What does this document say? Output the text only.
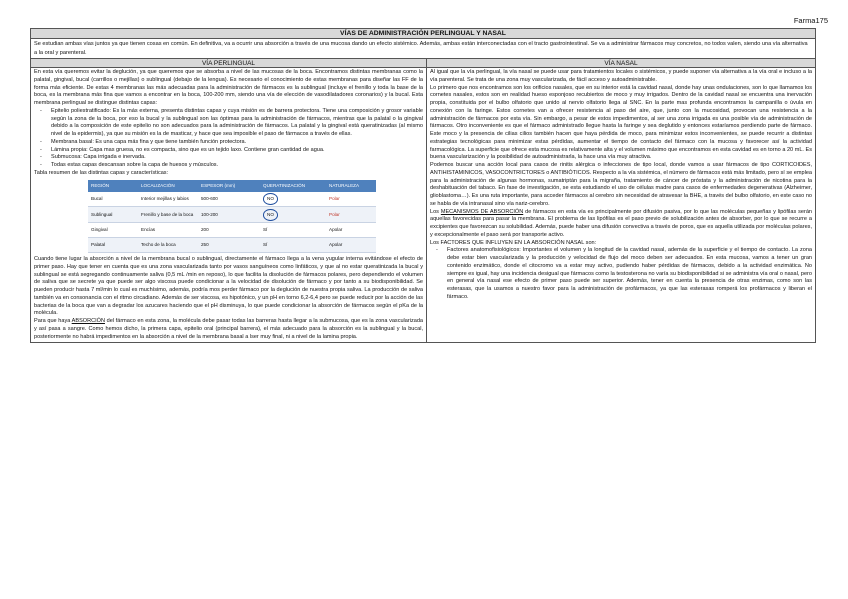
Farma175
VÍAS DE ADMINISTRACIÓN PERLINGUAL Y NASAL
Se estudian ambas vías juntos ya que tienen cosas en común. En definitiva, va a ocurrir una absorción a través de una mucosa dando un efecto sistémico. Además, ambas están interconectadas con el tracto gastrointestinal. Se va a administrar fármacos muy concretos, no todos valen, siendo una vía alternativa a la oral y parenteral.
VÍA PERLINGUAL

En esta vía queremos evitar la deglución, ya que queremos que se absorba a nivel de las mucosas de la boca. Encontramos distintas membranas como la palatal, gingival, bucal (carrillos o mejillas) o sublingual (debajo de la lengua). Es necesario el conocimiento de estas membranas para diseñar las FF de la forma más eficiente. De estas 4 membranas las más adecuadas para la administración de fármacos es la sublingual (incluye el frenillo y toda la base de la boca, es la membrana más fina que vamos a encontrar en la boca, 100-200 mm, siendo una vía de elección de vasodilatadores coronarios) y la bucal. Esta membrana perlingual se distingue distintas capas:

- Epitelio poliestratificado: Es la más externa, presenta distintas capas y cuya misión es de barrera protectora. Tiene una composición y grosor variable según la zona de la boca, por eso la bucal y la sublingual son las óptimas para la administración de fármacos, mientras que la palatal o la gingival debido a la composición de este epitelio no son adecuados para la administración de fármacos. La palatal y la gingival está queratinizadas (al mismo nivel de la epidermis), ya que su misión es la de masticar, y hace que sea imposible el paso de fármacos a través de ellas.
- Membrana basal: Es una capa más fina y que tiene también función protectora.
- Lámina propia: Capa mas gruesa, no es compacta, sino que es un tejido laxo. Contiene gran cantidad de agua.
- Submucosa: Capa irrigada e inervada.
- Todas estas capas descansan sobre la capa de huesos y músculos.

Tabla resumen de las distintas capas y características:

REGIÓN	LOCALIZACIÓN	ESPESOR (mm)	QUERATINIZACIÓN	NATURALEZA
Bucal	Interior mejillas y labios	500-600	NO	Polar
Sublingual	Frenillo y base de la boca	100-200	NO	Polar
Gingival	Encías	200	SÍ	Apolar
Palatal	Techo de la boca	250	SÍ	Apolar

Cuando tiene lugar la absorción a nivel de la membrana bucal o sublingual, directamente el fármaco llega a la vena yugular interna evitándose el efecto de primer paso. Hay que tener en cuenta que es una zona vascularizada tanto por vasos sanguíneos como linfáticos, y que al no estar queratinizada la bucal y sublingual se está segregando continuamente saliva (0,5 mL /min en reposo), lo que facilita la disolución de fármacos polares, pero dependiendo el volumen de saliva que se secrete ya que puede ser algo viscosa puede condicionar a la velocidad de disolución de fármaco y por tanto a su biodisponibilidad. Se pueden producir hasta 7 ml/min lo cual es muchísimo, además, podría mos perder fármaco por la deglución de nuestra propia saliva. La producción de saliva también va en consonancia con el ritmo circadiano. Además de ser viscosa, es hipotónico, y un pH en torno 6,2-6,4 pero se puede reducir por la acción de las bacterias de la boca que van a degradar los azucares haciendo que el pH disminuya, lo que puede condicionar la absorción de fármacos según el pKa de la molécula.

Para que haya ABSORCIÓN del fármaco en esta zona, la molécula debe pasar todas las barreras hasta llegar a la submucosa, que es la zona vascularizada y así pasa a sangre. Como hemos dicho, la primera capa, epitelio oral (principal barrera), el más adecuado para la absorción es la sublingual y la bucal, posteriormente no habrá impedimentos en la absorción a nivel de la membrana basal a lser muy final, ni a nivel de la lamina propia.

VÍA NASAL

Al igual que la vía perlingual, la vía nasal se puede usar para tratamientos locales o sistémicos, y puede suponer vía alternativa a la vía oral e incluso a la vía parenteral. Se trata de una zona muy vascularizada, de fácil acceso y autoadministrable.

Lo primero que nos encontramos son los orificios nasales, que en su interior está la cavidad nasal, donde hay unas ondulaciones, son lo que llamamos los cornetes nasales, estos son en realidad hueso esponjoso recubiertos de moco y muy irrigados. Dentro de la cavidad nasal se encuentra una inervación propia, constituida por el bulbo olfatorio que unido al nervio olfatorio llega al SNC. En la parte mas profunda encontramos la campanilla o úvula en conexión con la faringe. Estos cornetes van a ofrecer resistencia al paso del aire, que, junto con la mucosidad, provocan una resistencia a la administración de fármacos por esta vía. Sin embargo, a pesar de estos impedimentos, al ser una zona irrigada es una posible vía de administración de fármacos. Otro inconveniente es que el fármaco administrado llegue hasta la faringe y sea deglutido y entonces estaríamos perdiendo parte de fármaco. Este moco y la presencia de cilias cilios también hacen que haya pérdida de moco, para minimizar estos inconvenientes, se puede recurrir a distintas estrategias tecnológicas para minimizar estas pérdidas, aumentar el tiempo de contacto del fármaco con la mucosa y favorecer así la actividad farmacológica. La superficie que ofrece esta mucosa es relativamente alta y el volumen máximo que encontramos en esta cavidad es en torno a 20 mL. Es buena vascularización y la posibilidad de autoadministrarla, la hace una vía muy atractiva.

Podemos buscar una acción local para casos de rinitis alérgica o infecciones de tipo local, donde vamos a usar fármacos de tipo CORTICOIDES, ANTIHISTAMINICOS, VASOCONTRICTORES o ANTIBIÓTICOS. Respecto a la vía sistémica, el número de fármacos está más limitado, pero sí se emplea para la administración de algunas hormonas, sumatriptán para la migraña, tratamiento de cáncer de próstata y la administración de nicotina para la deshabituación del tabaco. En fase de investigación, se esta estudiando el uso de células madre para casos de enfermedades degenerativas (Alzheimer, glioblastoma…). Es una ruta importante, para acceder fármacos al cerebro sin necesidad de atravesar la BHE, a través del bulbo olfatorio, en este caso no se habla de vía intranasal sino vía nariz-cerebro.

Los MECANISMOS DE ABSORCIÓN de fármacos en esta vía es principalmente por difusión pasiva, por lo que las moléculas pequeñas y lipófilas serán aquellas favorecidas para pasar la membrana. El problema de las lipófilas es el paso previo de solubilización antes de absorber, por lo que se recurre a excipientes que favorezcan su solubilidad. Además, puede haber una difusión convectiva a través de poros, que es aquella utilizada por moléculas polares, y excepcionalmente el paso será por transporte activo.

Los FACTORES QUE INFLUYEN EN LA ABSORCIÓN NASAL son:

- Factores anatomofisiológicos: Importantes el volumen y la longitud de la cavidad nasal, además de la superficie y el tiempo de contacto. La zona debe estar bien vascularizada y la producción y velocidad de flujo del moco deben ser adecuados. En esta mucosa, vamos a tener un gran contenido enzimático, donde el citocromo va a estar muy activo, pudiendo haber pérdidas de fármacos, debido a la actividad enzimática. No siempre es igual, hay una incidencia desigual que fármacos como la testosterona no varía su biodisponibilidad si se administra vía oral o nasal, pero en general vía nasal ese efecto de primer paso puede ser superior. Además, tener en cuenta la presencia de otras enzimas, como son las esterasas, que la usamos a nuestro favor para la administración de profármacos, ya que las esterasas romperá los profármacos y liberan el fármaco.
